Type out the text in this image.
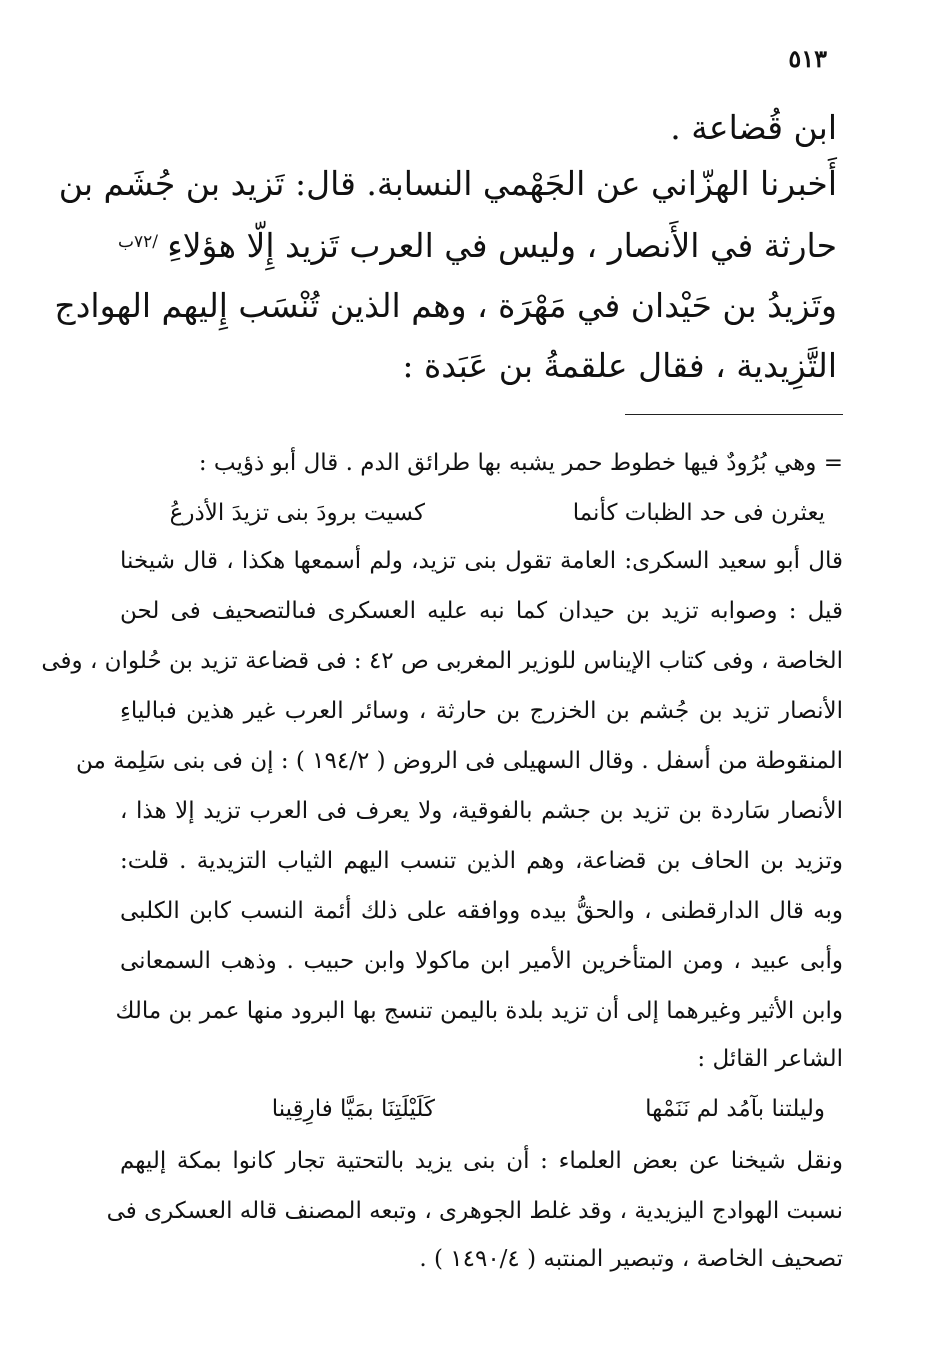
٥١٣
ابن قُضاعة .
أَخبرنا الهزّاني عن الجَهْمي النسابة. قال: تَزيد بن جُشَم بن
حارثة في الأَنصار ، وليس في العرب تَزيد إِلّا هؤلاءِ
/٧٢ب
وتَزيدُ بن حَيْدان في مَهْرَة ، وهم الذين تُنْسَب إِليهم الهوادج
التَّزِيدية ، فقال علقمةُ بن عَبَدة :
= وهي بُرُودٌ فيها خطوط حمر يشبه بها طرائق الدم . قال أبو ذؤيب :
يعثرن فى حد الظبات كأنما
كسيت برودَ بنى تزيدَ الأذرعُ
قال أبو سعيد السكرى: العامة تقول بنى تزيد، ولم أسمعها هكذا ، قال شيخنا
قيل : وصوابه تزيد بن حيدان كما نبه عليه العسكرى فىالتصحيف فى لحن
الخاصة ، وفى كتاب الإيناس للوزير المغربى ص ٤٢ : فى قضاعة تزيد بن حُلوان ، وفى
الأنصار تزيد بن جُشم بن الخزرج بن حارثة ، وسائر العرب غير هذين فبالياءِ
المنقوطة من أسفل . وقال السهيلى فى الروض ( ١٩٤/٢ ) : إن فى بنى سَلِمة من
الأنصار سَاردة بن تزيد بن جشم بالفوقية، ولا يعرف فى العرب تزيد إلا هذا ،
وتزيد بن الحاف بن قضاعة، وهم الذين تنسب اليهم الثياب التزيدية . قلت:
وبه قال الدارقطنى ، والحقُّ بيده ووافقه على ذلك أئمة النسب كابن الكلبى
وأبى عبيد ، ومن المتأخرين الأمير ابن ماكولا وابن حبيب . وذهب السمعانى
وابن الأثير وغيرهما إلى أن تزيد بلدة باليمن تنسج بها البرود منها عمر بن مالك
الشاعر القائل :
وليلتنا بآمُد لم نَنَمْها
كَلَيْلَتِنَا بمَيَّا فارِقِينا
ونقل شيخنا عن بعض العلماء : أن بنى يزيد بالتحتية تجار كانوا بمكة إليهم
نسبت الهوادج اليزيدية ، وقد غلط الجوهرى ، وتبعه المصنف قاله العسكرى فى
تصحيف الخاصة ، وتبصير المنتبه ( ١٤٩٠/٤ ) .
